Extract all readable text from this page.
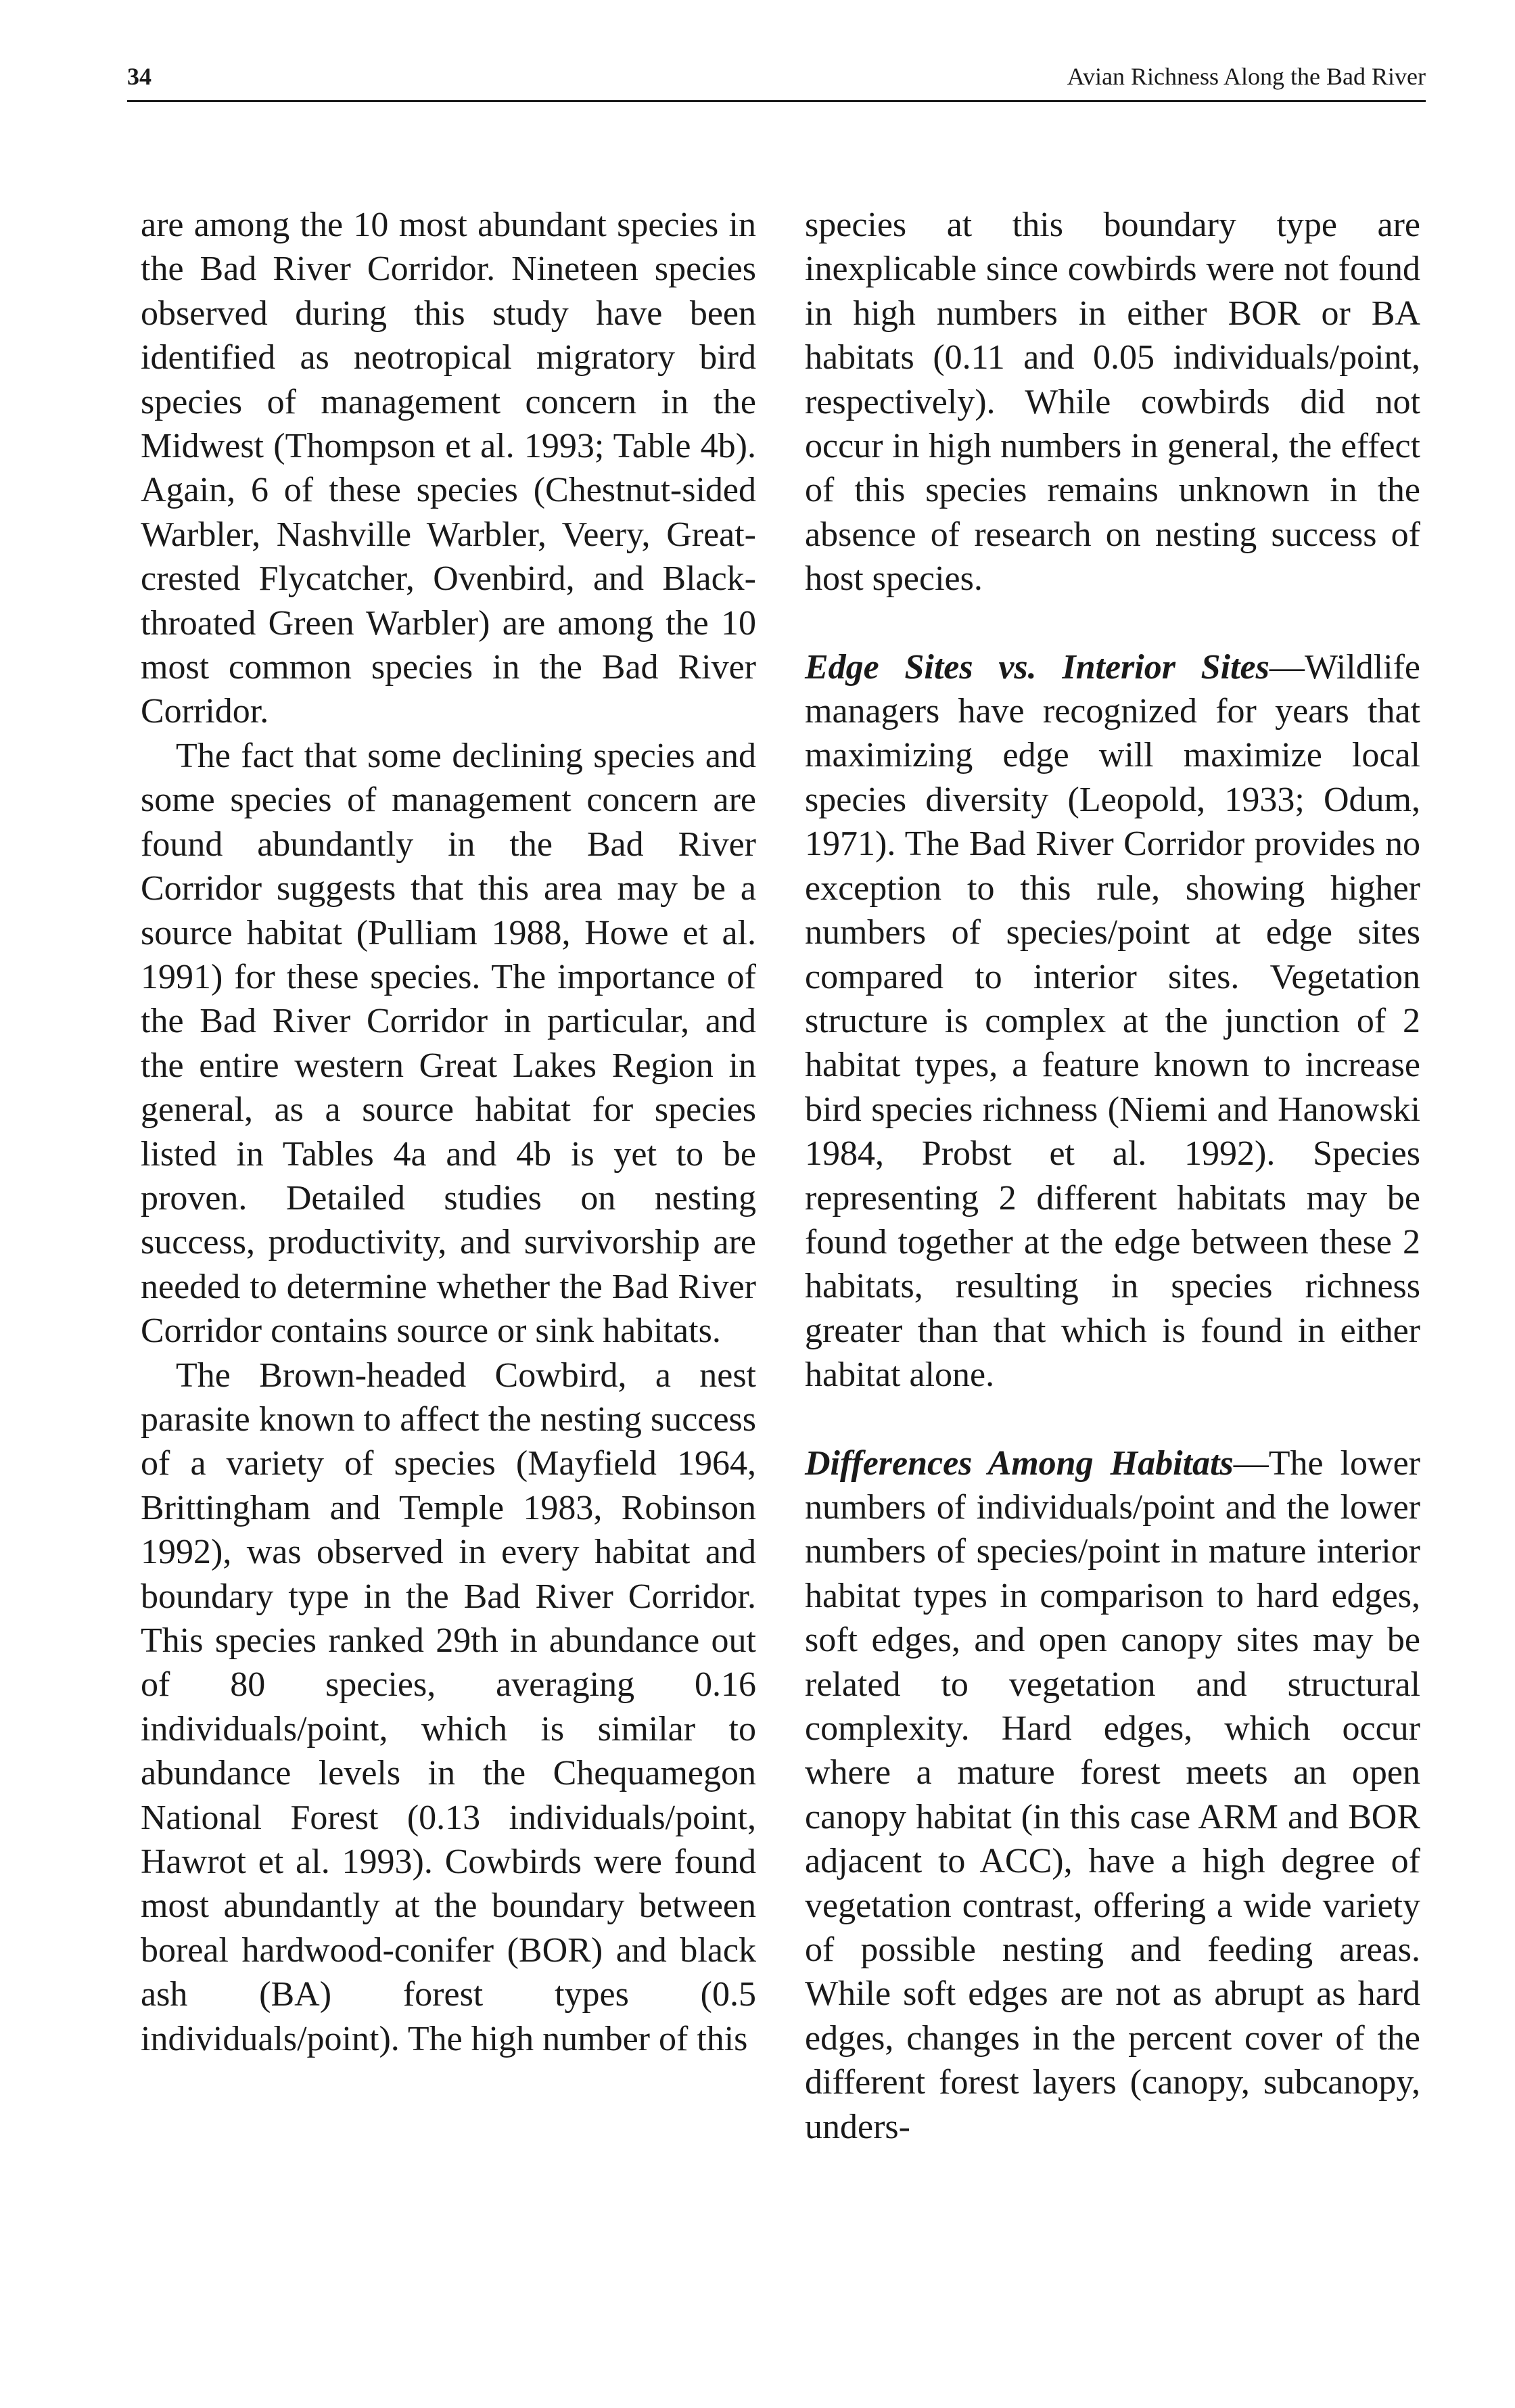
34	Avian Richness Along the Bad River

are among the 10 most abundant species in the Bad River Corridor. Nineteen species observed during this study have been identified as neotropical migratory bird species of management concern in the Midwest (Thompson et al. 1993; Table 4b). Again, 6 of these species (Chestnut-sided Warbler, Nashville Warbler, Veery, Great-crested Flycatcher, Ovenbird, and Black-throated Green Warbler) are among the 10 most common species in the Bad River Corridor.

The fact that some declining species and some species of management concern are found abundantly in the Bad River Corridor suggests that this area may be a source habitat (Pulliam 1988, Howe et al. 1991) for these species. The importance of the Bad River Corridor in particular, and the entire western Great Lakes Region in general, as a source habitat for species listed in Tables 4a and 4b is yet to be proven. Detailed studies on nesting success, productivity, and survivorship are needed to determine whether the Bad River Corridor contains source or sink habitats.

The Brown-headed Cowbird, a nest parasite known to affect the nesting success of a variety of species (Mayfield 1964, Brittingham and Temple 1983, Robinson 1992), was observed in every habitat and boundary type in the Bad River Corridor. This species ranked 29th in abundance out of 80 species, averaging 0.16 individuals/point, which is similar to abundance levels in the Chequamegon National Forest (0.13 individuals/point, Hawrot et al. 1993). Cowbirds were found most abundantly at the boundary between boreal hardwood-conifer (BOR) and black ash (BA) forest types (0.5 individuals/point). The high number of this

species at this boundary type are inexplicable since cowbirds were not found in high numbers in either BOR or BA habitats (0.11 and 0.05 individuals/point, respectively). While cowbirds did not occur in high numbers in general, the effect of this species remains unknown in the absence of research on nesting success of host species.

Edge Sites vs. Interior Sites—Wildlife managers have recognized for years that maximizing edge will maximize local species diversity (Leopold, 1933; Odum, 1971). The Bad River Corridor provides no exception to this rule, showing higher numbers of species/point at edge sites compared to interior sites. Vegetation structure is complex at the junction of 2 habitat types, a feature known to increase bird species richness (Niemi and Hanowski 1984, Probst et al. 1992). Species representing 2 different habitats may be found together at the edge between these 2 habitats, resulting in species richness greater than that which is found in either habitat alone.

Differences Among Habitats—The lower numbers of individuals/point and the lower numbers of species/point in mature interior habitat types in comparison to hard edges, soft edges, and open canopy sites may be related to vegetation and structural complexity. Hard edges, which occur where a mature forest meets an open canopy habitat (in this case ARM and BOR adjacent to ACC), have a high degree of vegetation contrast, offering a wide variety of possible nesting and feeding areas. While soft edges are not as abrupt as hard edges, changes in the percent cover of the different forest layers (canopy, subcanopy, unders-
